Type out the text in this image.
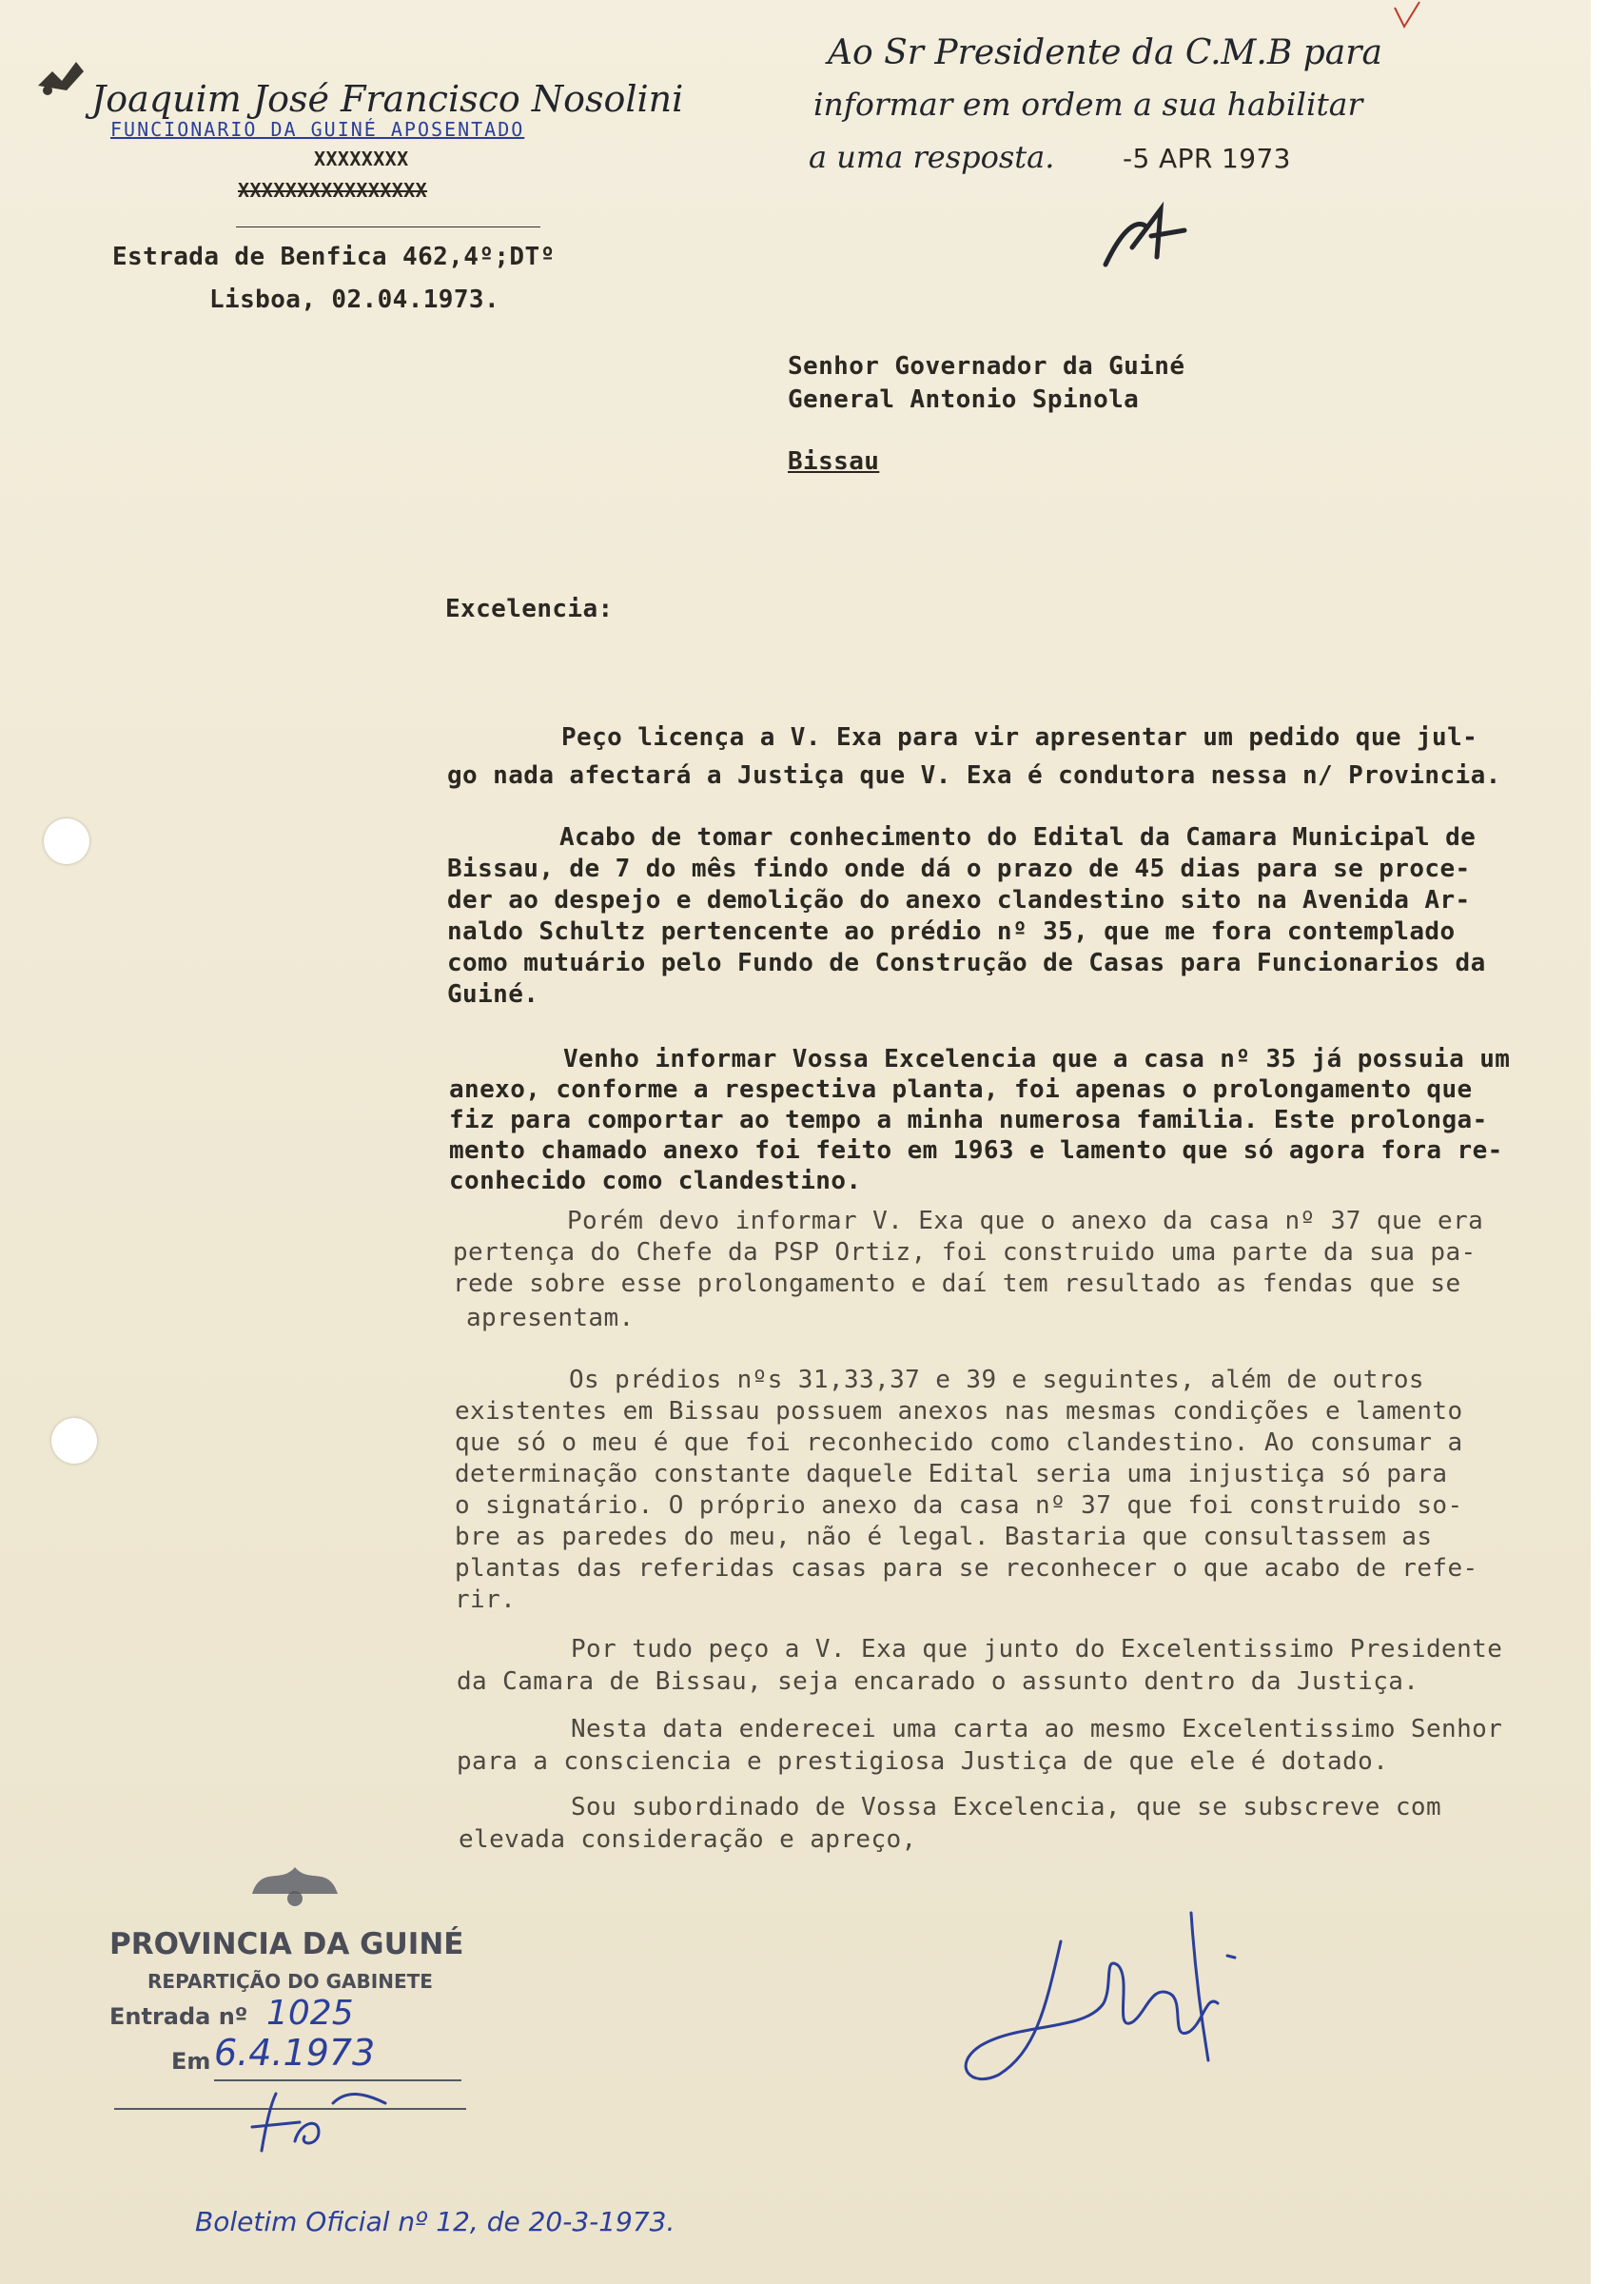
Joaquim José Francisco Nosolini
FUNCIONARIO DA GUINÉ APOSENTADO
XXXXXXXX
XXXXXXXXXXXXXXXX
Estrada de Benfica 462,4º;DTº
Lisboa, 02.04.1973.
Ao Sr Presidente da C.M.B para
informar em ordem a sua habilitar
a uma resposta.	-5 APR 1973
Senhor Governador da Guiné
General Antonio Spinola
Bissau
Excelencia:
Peço licença a V. Exa para vir apresentar um pedido que jul-
go nada afectará a Justiça que V. Exa é condutora nessa n/ Provincia.
Acabo de tomar conhecimento do Edital da Camara Municipal de
Bissau, de 7 do mês findo onde dá o prazo de 45 dias para se proce-
der ao despejo e demolição do anexo clandestino sito na Avenida Ar-
naldo Schultz pertencente ao prédio nº 35, que me fora contemplado
como mutuário pelo Fundo de Construção de Casas para Funcionarios da
Guiné.
Venho informar Vossa Excelencia que a casa nº 35 já possuia um
anexo, conforme a respectiva planta, foi apenas o prolongamento que
fiz para comportar ao tempo a minha numerosa familia. Este prolonga-
mento chamado anexo foi feito em 1963 e lamento que só agora fora re-
conhecido como clandestino.
Porém devo informar V. Exa que o anexo da casa nº 37 que era
pertença do Chefe da PSP Ortiz, foi construido uma parte da sua pa-
rede sobre esse prolongamento e daí tem resultado as fendas que se
apresentam.
Os prédios nºs 31,33,37 e 39 e seguintes, além de outros
existentes em Bissau possuem anexos nas mesmas condições e lamento
que só o meu é que foi reconhecido como clandestino. Ao consumar a
determinação constante daquele Edital seria uma injustiça só para
o signatário. O próprio anexo da casa nº 37 que foi construido so-
bre as paredes do meu, não é legal. Bastaria que consultassem as
plantas das referidas casas para se reconhecer o que acabo de refe-
rir.
Por tudo peço a V. Exa que junto do Excelentissimo Presidente
da Camara de Bissau, seja encarado o assunto dentro da Justiça.
Nesta data enderecei uma carta ao mesmo Excelentissimo Senhor
para a consciencia e prestigiosa Justiça de que ele é dotado.
Sou subordinado de Vossa Excelencia, que se subscreve com
elevada consideração e apreço,
PROVINCIA DA GUINÉ
REPARTIÇÃO DO GABINETE
Entrada nº 1025
Em 6.4.1973
Boletim Oficial nº 12, de 20-3-1973.
